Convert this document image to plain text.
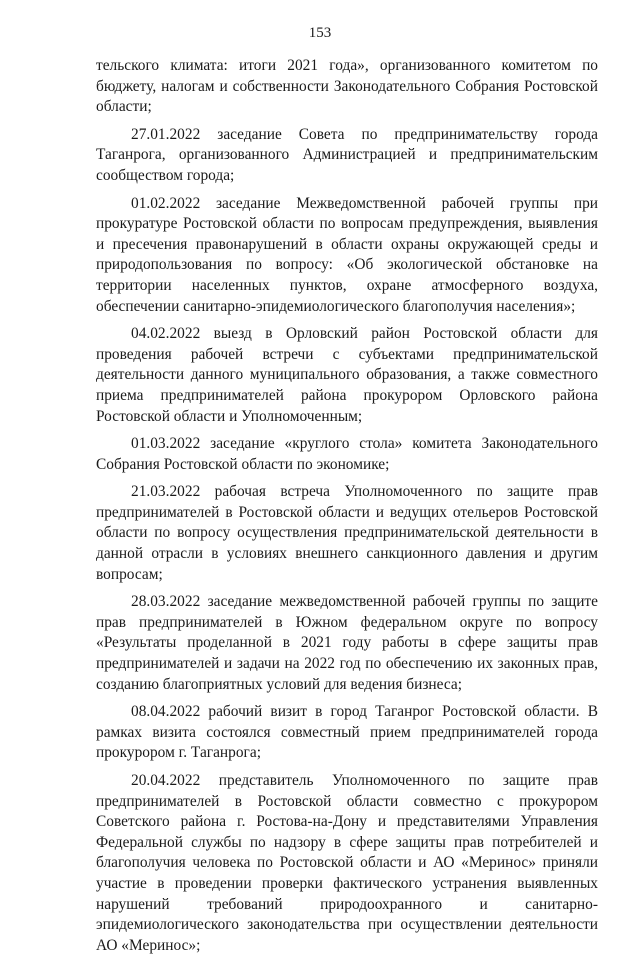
153

тельского климата: итоги 2021 года», организованного комитетом по бюджету, налогам и собственности Законодательного Собрания Ростовской области;

27.01.2022 заседание Совета по предпринимательству города Таганрога, организованного Администрацией и предпринимательским сообществом города;

01.02.2022 заседание Межведомственной рабочей группы при прокуратуре Ростовской области по вопросам предупреждения, выявления и пресечения правонарушений в области охраны окружающей среды и природопользования по вопросу: «Об экологической обстановке на территории населенных пунктов, охране атмосферного воздуха, обеспечении санитарно-эпидемиологического благополучия населения»;

04.02.2022 выезд в Орловский район Ростовской области для проведения рабочей встречи с субъектами предпринимательской деятельности данного муниципального образования, а также совместного приема предпринимателей района прокурором Орловского района Ростовской области и Уполномоченным;

01.03.2022 заседание «круглого стола» комитета Законодательного Собрания Ростовской области по экономике;

21.03.2022 рабочая встреча Уполномоченного по защите прав предпринимателей в Ростовской области и ведущих отельеров Ростовской области по вопросу осуществления предпринимательской деятельности в данной отрасли в условиях внешнего санкционного давления и другим вопросам;

28.03.2022 заседание межведомственной рабочей группы по защите прав предпринимателей в Южном федеральном округе по вопросу «Результаты проделанной в 2021 году работы в сфере защиты прав предпринимателей и задачи на 2022 год по обеспечению их законных прав, созданию благоприятных условий для ведения бизнеса;

08.04.2022 рабочий визит в город Таганрог Ростовской области. В рамках визита состоялся совместный прием предпринимателей города прокурором г. Таганрога;

20.04.2022 представитель Уполномоченного по защите прав предпринимателей в Ростовской области совместно с прокурором Советского района г. Ростова-на-Дону и представителями Управления Федеральной службы по надзору в сфере защиты прав потребителей и благополучия человека по Ростовской области и АО «Меринос» приняли участие в проведении проверки фактического устранения выявленных нарушений требований природоохранного и санитарно-эпидемиологического законодательства при осуществлении деятельности АО «Меринос»;
